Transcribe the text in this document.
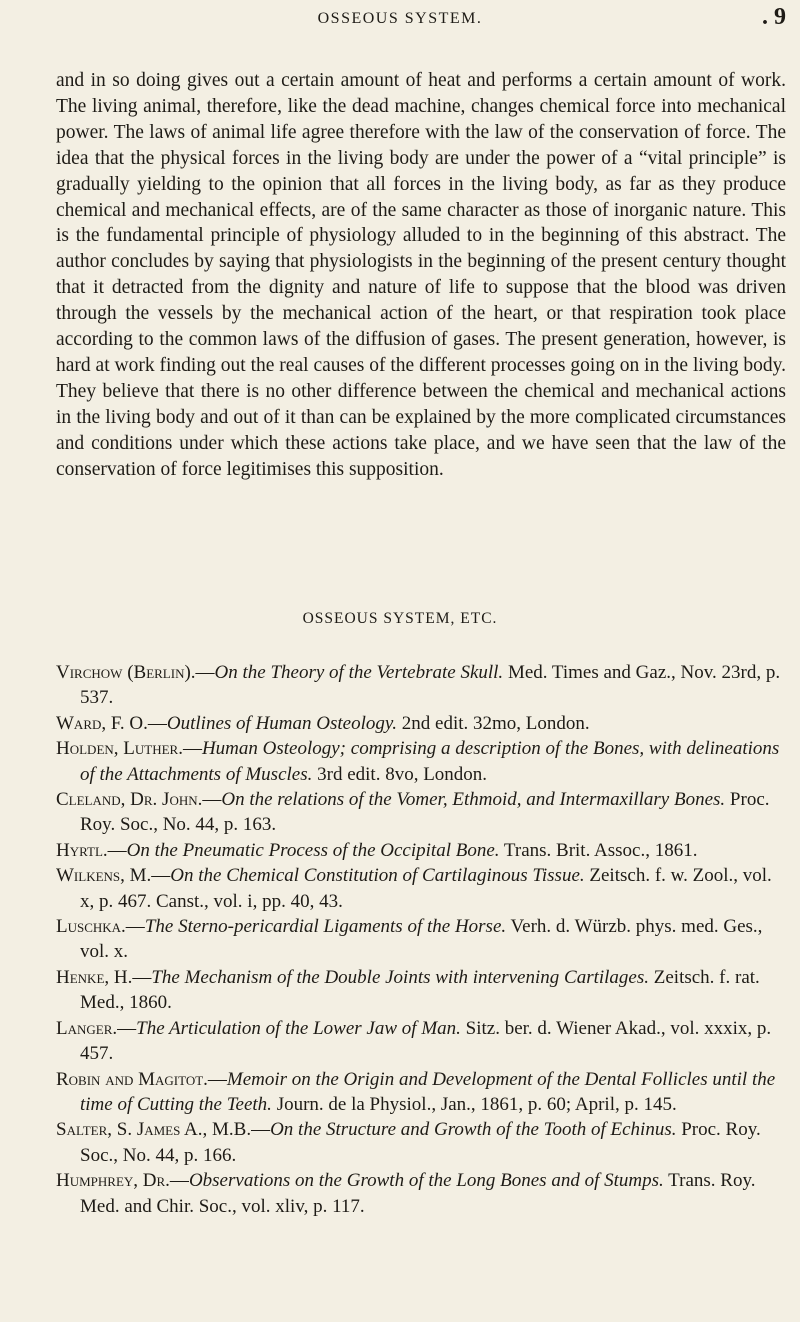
OSSEOUS SYSTEM.	. 9

and in so doing gives out a certain amount of heat and performs a certain amount of work. The living animal, therefore, like the dead machine, changes chemical force into mechanical power. The laws of animal life agree therefore with the law of the conservation of force. The idea that the physical forces in the living body are under the power of a “vital principle” is gradually yielding to the opinion that all forces in the living body, as far as they produce chemical and mechanical effects, are of the same character as those of inorganic nature. This is the fundamental principle of physiology alluded to in the beginning of this abstract. The author concludes by saying that physiologists in the beginning of the present century thought that it detracted from the dignity and nature of life to suppose that the blood was driven through the vessels by the mechanical action of the heart, or that respiration took place according to the common laws of the diffusion of gases. The present generation, however, is hard at work finding out the real causes of the different processes going on in the living body. They believe that there is no other difference between the chemical and mechanical actions in the living body and out of it than can be explained by the more complicated circumstances and conditions under which these actions take place, and we have seen that the law of the conservation of force legitimises this supposition.

OSSEOUS SYSTEM, ETC.

Virchow (Berlin).—On the Theory of the Vertebrate Skull. Med. Times and Gaz., Nov. 23rd, p. 537.

Ward, F. O.—Outlines of Human Osteology. 2nd edit. 32mo, London.

Holden, Luther.—Human Osteology; comprising a description of the Bones, with delineations of the Attachments of Muscles. 3rd edit. 8vo, London.

Cleland, Dr. John.—On the relations of the Vomer, Ethmoid, and Intermaxillary Bones. Proc. Roy. Soc., No. 44, p. 163.

Hyrtl.—On the Pneumatic Process of the Occipital Bone. Trans. Brit. Assoc., 1861.

Wilkens, M.—On the Chemical Constitution of Cartilaginous Tissue. Zeitsch. f. w. Zool., vol. x, p. 467. Canst., vol. i, pp. 40, 43.

Luschka.—The Sterno-pericardial Ligaments of the Horse. Verh. d. Würzb. phys. med. Ges., vol. x.

Henke, H.—The Mechanism of the Double Joints with intervening Cartilages. Zeitsch. f. rat. Med., 1860.

Langer.—The Articulation of the Lower Jaw of Man. Sitz. ber. d. Wiener Akad., vol. xxxix, p. 457.

Robin and Magitot.—Memoir on the Origin and Development of the Dental Follicles until the time of Cutting the Teeth. Journ. de la Physiol., Jan., 1861, p. 60; April, p. 145.

Salter, S. James A., M.B.—On the Structure and Growth of the Tooth of Echinus. Proc. Roy. Soc., No. 44, p. 166.

Humphrey, Dr.—Observations on the Growth of the Long Bones and of Stumps. Trans. Roy. Med. and Chir. Soc., vol. xliv, p. 117.
